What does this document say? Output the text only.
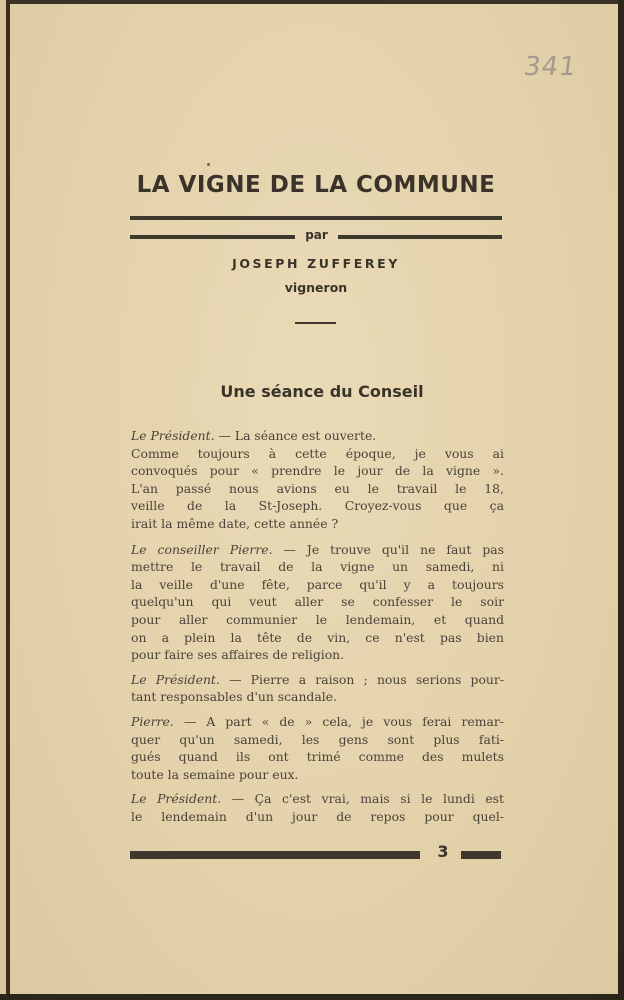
341
LA VIGNE DE LA COMMUNE
par
JOSEPH ZUFFEREY
vigneron
Une séance du Conseil
Le Président. — La séance est ouverte.
Comme toujours à cette époque, je vous ai
convoqués pour « prendre le jour de la vigne ».
L'an passé nous avions eu le travail le 18,
veille de la St-Joseph. Croyez-vous que ça
irait la même date, cette année ?
Le conseiller Pierre. — Je trouve qu'il ne faut pas
mettre le travail de la vigne un samedi, ni
la veille d'une fête, parce qu'il y a toujours
quelqu'un qui veut aller se confesser le soir
pour aller communier le lendemain, et quand
on a plein la tête de vin, ce n'est pas bien
pour faire ses affaires de religion.
Le Président. — Pierre a raison ; nous serions pour-
tant responsables d'un scandale.
Pierre. — A part « de » cela, je vous ferai remar-
quer qu'un samedi, les gens sont plus fati-
gués quand ils ont trimé comme des mulets
toute la semaine pour eux.
Le Président. — Ça c'est vrai, mais si le lundi est
le lendemain d'un jour de repos pour quel-
3
